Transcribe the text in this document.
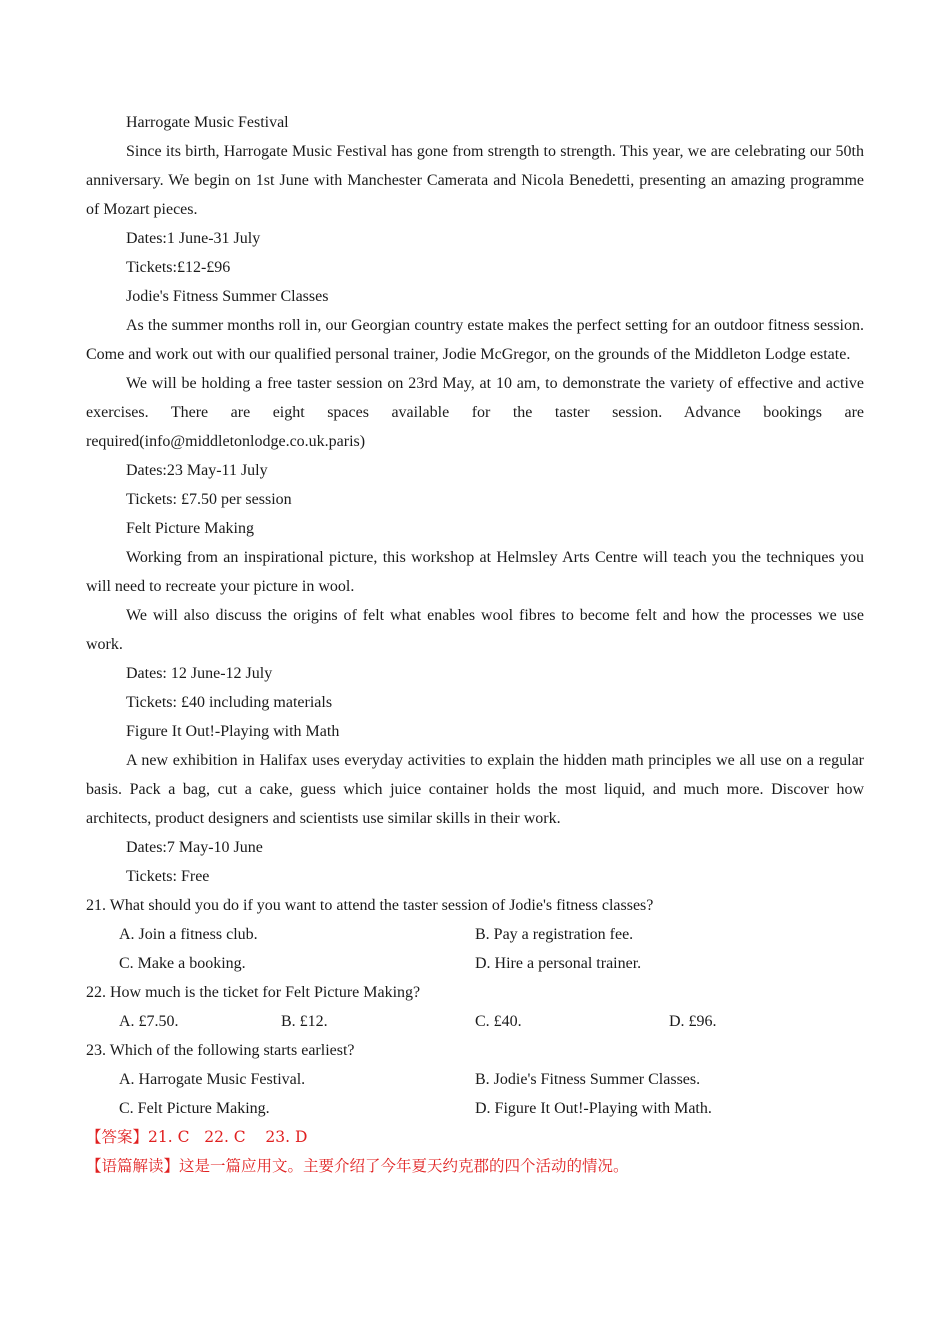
Harrogate Music Festival

Since its birth, Harrogate Music Festival has gone from strength to strength. This year, we are celebrating our 50th anniversary. We begin on 1st June with Manchester Camerata and Nicola Benedetti, presenting an amazing programme of Mozart pieces.

Dates:1 June-31 July
Tickets:£12-£96
Jodie's Fitness Summer Classes

As the summer months roll in, our Georgian country estate makes the perfect setting for an outdoor fitness session. Come and work out with our qualified personal trainer, Jodie McGregor, on the grounds of the Middleton Lodge estate.

We will be holding a free taster session on 23rd May, at 10 am, to demonstrate the variety of effective and active exercises. There are eight spaces available for the taster session. Advance bookings are required(info@middletonlodge.co.uk.paris)

Dates:23 May-11 July
Tickets: £7.50 per session
Felt Picture Making

Working from an inspirational picture, this workshop at Helmsley Arts Centre will teach you the techniques you will need to recreate your picture in wool.

We will also discuss the origins of felt what enables wool fibres to become felt and how the processes we use work.

Dates: 12 June-12 July
Tickets: £40 including materials
Figure It Out!-Playing with Math

A new exhibition in Halifax uses everyday activities to explain the hidden math principles we all use on a regular basis. Pack a bag, cut a cake, guess which juice container holds the most liquid, and much more. Discover how architects, product designers and scientists use similar skills in their work.

Dates:7 May-10 June
Tickets: Free
21. What should you do if you want to attend the taster session of Jodie's fitness classes?
A. Join a fitness club.	B. Pay a registration fee.
C. Make a booking.	D. Hire a personal trainer.
22. How much is the ticket for Felt Picture Making?
A. £7.50.	B. £12.	C. £40.	D. £96.
23. Which of the following starts earliest?
A. Harrogate Music Festival.	B. Jodie's Fitness Summer Classes.
C. Felt Picture Making.	D. Figure It Out!-Playing with Math.
【答案】21. C   22. C    23. D
【语篇解读】这是一篇应用文。主要介绍了今年夏天约克郡的四个活动的情况。
